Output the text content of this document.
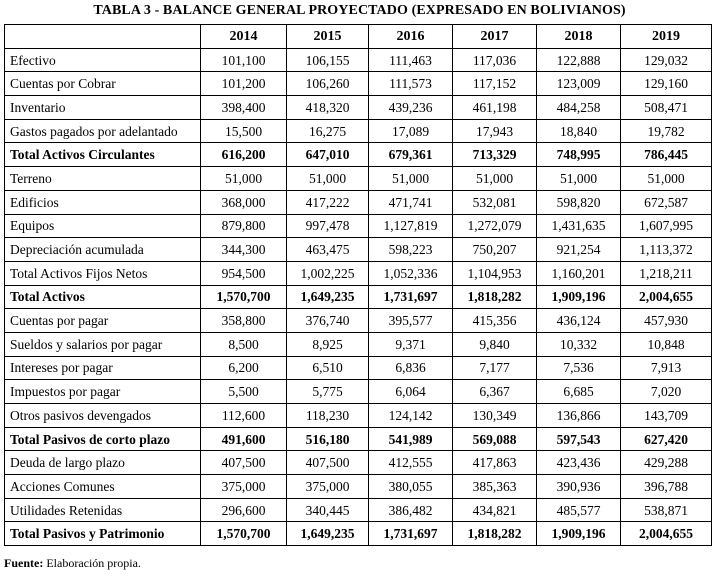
TABLA 3 - BALANCE GENERAL PROYECTADO (EXPRESADO EN BOLIVIANOS)
	2014	2015	2016	2017	2018	2019
Efectivo	101,100	106,155	111,463	117,036	122,888	129,032
Cuentas por Cobrar	101,200	106,260	111,573	117,152	123,009	129,160
Inventario	398,400	418,320	439,236	461,198	484,258	508,471
Gastos pagados por adelantado	15,500	16,275	17,089	17,943	18,840	19,782
Total Activos Circulantes	616,200	647,010	679,361	713,329	748,995	786,445
Terreno	51,000	51,000	51,000	51,000	51,000	51,000
Edificios	368,000	417,222	471,741	532,081	598,820	672,587
Equipos	879,800	997,478	1,127,819	1,272,079	1,431,635	1,607,995
Depreciación acumulada	344,300	463,475	598,223	750,207	921,254	1,113,372
Total Activos Fijos Netos	954,500	1,002,225	1,052,336	1,104,953	1,160,201	1,218,211
Total Activos	1,570,700	1,649,235	1,731,697	1,818,282	1,909,196	2,004,655
Cuentas por pagar	358,800	376,740	395,577	415,356	436,124	457,930
Sueldos y salarios por pagar	8,500	8,925	9,371	9,840	10,332	10,848
Intereses por pagar	6,200	6,510	6,836	7,177	7,536	7,913
Impuestos por pagar	5,500	5,775	6,064	6,367	6,685	7,020
Otros pasivos devengados	112,600	118,230	124,142	130,349	136,866	143,709
Total Pasivos de corto plazo	491,600	516,180	541,989	569,088	597,543	627,420
Deuda de largo plazo	407,500	407,500	412,555	417,863	423,436	429,288
Acciones Comunes	375,000	375,000	380,055	385,363	390,936	396,788
Utilidades Retenidas	296,600	340,445	386,482	434,821	485,577	538,871
Total Pasivos y Patrimonio	1,570,700	1,649,235	1,731,697	1,818,282	1,909,196	2,004,655
Fuente: Elaboración propia.
